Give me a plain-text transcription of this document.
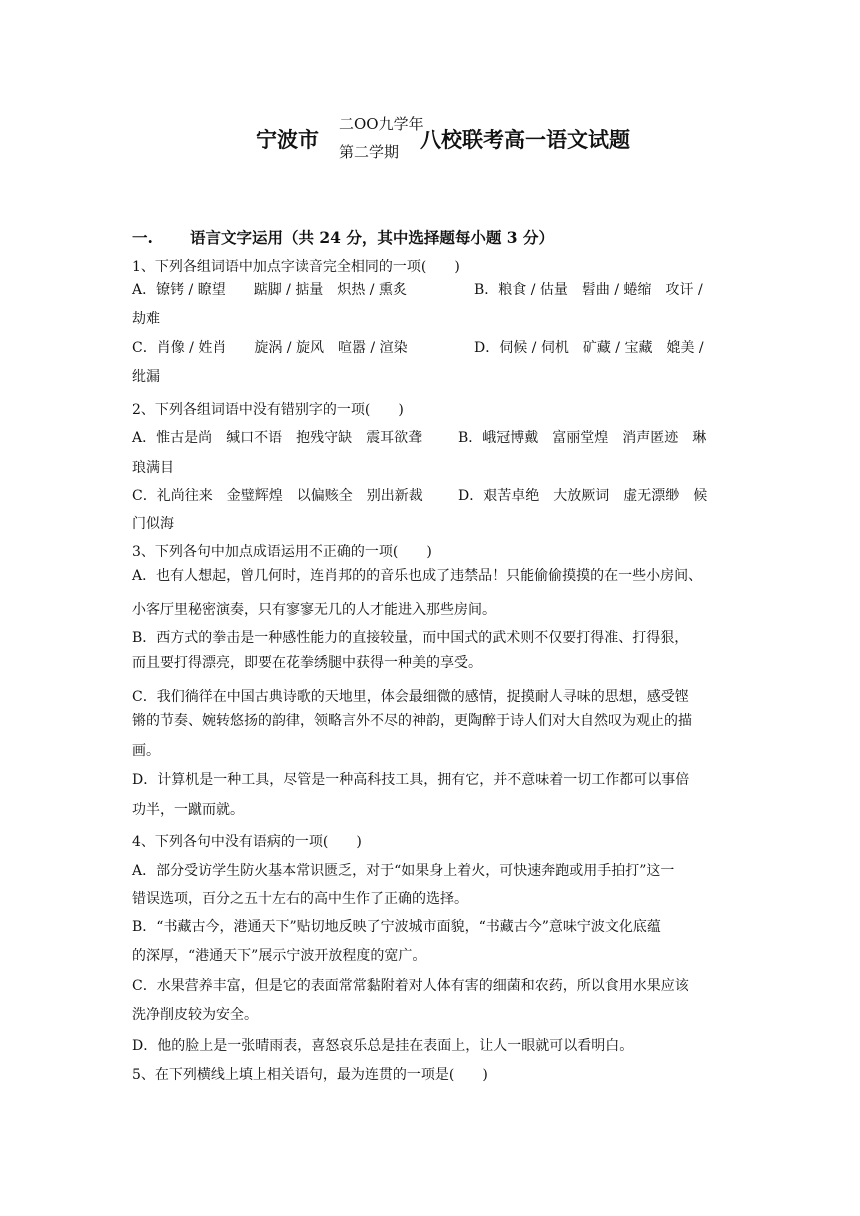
宁波市
二OO九学年
第二学期 八校联考高一语文试题
一. 语言文字运用（共 24 分，其中选择题每小题 3 分）
1、下列各组词语中加点字读音完全相同的一项(　　)
A．镣铐 / 瞭望　　踮脚 / 掂量　炽热 / 熏炙	B．粮食 / 估量　髫曲 / 蜷缩　攻讦 /
劫难
C．肖像 / 姓肖　　旋涡 / 旋风　喧嚣 / 渲染	D．伺候 / 伺机　矿藏 / 宝藏　媲美 /
纰漏
2、下列各组词语中没有错别字的一项(　　)
A．惟古是尚　缄口不语　抱残守缺　震耳欲聋	B．峨冠博戴　富丽堂煌　消声匿迹　琳
琅满目
C．礼尚往来　金璧辉煌　以偏赅全　别出新裁	D．艰苦卓绝　大放厥词　虚无漂缈　候
门似海
3、下列各句中加点成语运用不正确的一项(　　)
A．也有人想起，曾几何时，连肖邦的的音乐也成了违禁品！只能偷偷摸摸的在一些小房间、
小客厅里秘密演奏，只有寥寥无几的人才能进入那些房间。
B．西方式的拳击是一种感性能力的直接较量，而中国式的武术则不仅要打得准、打得狠，
而且要打得漂亮，即要在花拳绣腿中获得一种美的享受。
C．我们徜徉在中国古典诗歌的天地里，体会最细微的感情，捉摸耐人寻味的思想，感受铿
锵的节奏、婉转悠扬的韵律，领略言外不尽的神韵，更陶醉于诗人们对大自然叹为观止的描
画。
D．计算机是一种工具，尽管是一种高科技工具，拥有它，并不意味着一切工作都可以事倍
功半，一蹴而就。
4、下列各句中没有语病的一项(　　)
A．部分受访学生防火基本常识匮乏，对于“如果身上着火，可快速奔跑或用手拍打”这一
错误选项，百分之五十左右的高中生作了正确的选择。
B．“书藏古今，港通天下”贴切地反映了宁波城市面貌，“书藏古今”意味宁波文化底蕴
的深厚，“港通天下”展示宁波开放程度的宽广。
C．水果营养丰富，但是它的表面常常黏附着对人体有害的细菌和农药，所以食用水果应该
洗净削皮较为安全。
D．他的脸上是一张晴雨表，喜怒哀乐总是挂在表面上，让人一眼就可以看明白。
5、在下列横线上填上相关语句，最为连贯的一项是(　　)
